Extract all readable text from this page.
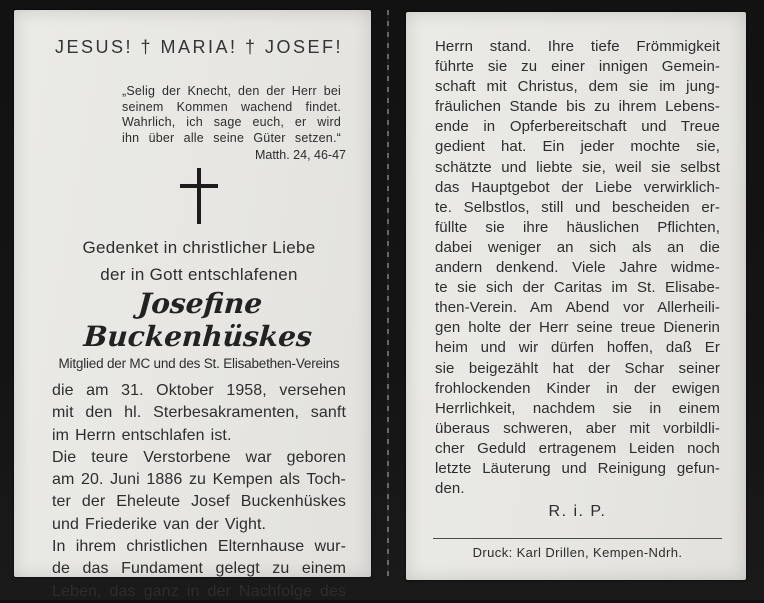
JESUS! † MARIA! † JOSEF!
„Selig der Knecht, den der Herr bei
seinem Kommen wachend findet.
Wahrlich, ich sage euch, er wird
ihn über alle seine Güter setzen.“
Matth. 24, 46-47
Gedenket in christlicher Liebe
der in Gott entschlafenen
Josefine Buckenhüskes
Mitglied der MC und des St. Elisabethen-Vereins
die am 31. Oktober 1958, versehen
mit den hl. Sterbesakramenten, sanft
im Herrn entschlafen ist.
Die teure Verstorbene war geboren
am 20. Juni 1886 zu Kempen als Toch-
ter der Eheleute Josef Buckenhüskes
und Friederike van der Vight.
In ihrem christlichen Elternhause wur-
de das Fundament gelegt zu einem
Leben, das ganz in der Nachfolge des
Herrn stand. Ihre tiefe Frömmigkeit
führte sie zu einer innigen Gemein-
schaft mit Christus, dem sie im jung-
fräulichen Stande bis zu ihrem Lebens-
ende in Opferbereitschaft und Treue
gedient hat. Ein jeder mochte sie,
schätzte und liebte sie, weil sie selbst
das Hauptgebot der Liebe verwirklich-
te. Selbstlos, still und bescheiden er-
füllte sie ihre häuslichen Pflichten,
dabei weniger an sich als an die
andern denkend. Viele Jahre widme-
te sie sich der Caritas im St. Elisabe-
then-Verein. Am Abend vor Allerheili-
gen holte der Herr seine treue Dienerin
heim und wir dürfen hoffen, daß Er
sie beigezählt hat der Schar seiner
frohlockenden Kinder in der ewigen
Herrlichkeit, nachdem sie in einem
überaus schweren, aber mit vorbildli-
cher Geduld ertragenem Leiden noch
letzte Läuterung und Reinigung gefun-
den.
R. i. P.
Druck: Karl Drillen, Kempen-Ndrh.
